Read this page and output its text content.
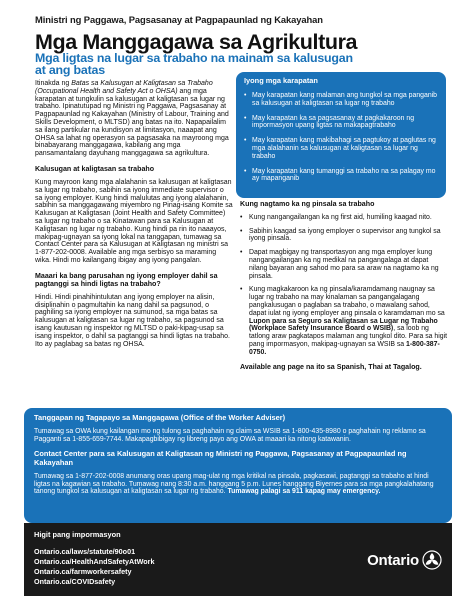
Ministri ng Paggawa, Pagsasanay at Pagpapaunlad ng Kakayahan
Mga Manggagawa sa Agrikultura
Mga ligtas na lugar sa trabaho na mainam sa kalusugan at ang batas

Itinakda ng Batas sa Kalusugan at Kaligtasan sa Trabaho (Occupational Health and Safety Act o OHSA) ang mga karapatan at tungkulin sa kalusugan at kaligtasan sa lugar ng trabaho. Ipinatutupad ng Ministri ng Paggawa, Pagsasanay at Pagpapaunlad ng Kakayahan (Ministry of Labour, Training and Skills Development, o MLTSD) ang batas na ito. Napapailalim sa ilang partikular na kundisyon at limitasyon, naaapat ang OHSA sa lahat ng operasyon sa pagsasaka na mayroong mga binabayarang manggagawa, kabilang ang mga pansamantalang dayuhang manggagawa sa agrikultura.

Kalusugan at kaligtasan sa trabaho

Kung mayroon kang mga alalahanin sa kalusugan at kaligtasan sa lugar ng trabaho, sabihin sa iyong immediate supervisor o sa iyong employer. Kung hindi malulutas ang iyong alalahanin, sabihin sa manggagawang miyembro ng Pinag-isang Komite sa Kalusugan at Kaligtasan (Joint Health and Safety Committee) sa lugar ng trabaho o sa Kinatawan para sa Kalusugan at Kaligtasan ng lugar ng trabaho. Kung hindi pa rin ito naaayos, makipag-ugnayan sa iyong lokal na tanggapan, tumawag sa Contact Center para sa Kalusugan at Kaligtasan ng ministri sa 1-877-202-0008. Available ang mga serbisyo sa maraming wika. Hindi mo kailangang ibigay ang iyong pangalan.

Maaari ka bang parusahan ng iyong employer dahil sa pagtanggi sa hindi ligtas na trabaho?

Hindi. Hindi pinahihintulutan ang iyong employer na alisin, disiplinahin o pagmultahin ka nang dahil sa pagsunod, o paghiling sa iyong employer na sumunod, sa mga batas sa kalusugan at kaligtasan sa lugar ng trabaho, sa pagsunod sa isang kautusan ng inspektor ng MLTSD o paki-kipag-usap sa isang inspektor, o dahil sa pagtanggi sa hindi ligtas na trabaho. Ito ay paglabag sa batas ng OHSA.

Iyong mga karapatan
• May karapatan kang malaman ang tungkol sa mga panganib sa kalusugan at kaligtasan sa lugar ng trabaho
• May karapatan ka sa pagsasanay at pagkakaroon ng impormasyon upang ligtas na makapagtrabaho
• May karapatan kang makibahagi sa pagtukoy at paglutas ng mga alalahanin sa kalusugan at kaligtasan sa lugar ng trabaho
• May karapatan kang tumanggi sa trabaho na sa palagay mo ay mapanganib
Kung nagtamo ka ng pinsala sa trabaho
• Kung nangangailangan ka ng first aid, humiling kaagad nito.
• Sabihin kaagad sa iyong employer o supervisor ang tungkol sa iyong pinsala.
• Dapat magbigay ng transportasyon ang mga employer kung nangangailangan ka ng medikal na pangangalaga at dapat nilang bayaran ang sahod mo para sa araw na nagtamo ka ng pinsala.
• Kung magkakaroon ka ng pinsala/karamdamang naugnay sa lugar ng trabaho na may kinalaman sa pangangalagang pangkalusugan o paglaban sa trabaho, o mawalang sahod, dapat iulat ng iyong employer ang pinsala o karamdaman mo sa Lupon para sa Seguro sa Kaligtasan sa Lugar ng Trabaho (Workplace Safety Insurance Board o WSIB), sa loob ng tatlong araw pagkatapos malaman ang tungkol dito. Para sa higit pang impormasyon, makipag-ugnayan sa WSIB sa 1-800-387-0750.
Available ang page na ito sa Spanish, Thai at Tagalog.
Tanggapan ng Tagapayo sa Manggagawa (Office of the Worker Adviser)

Tumawag sa OWA kung kailangan mo ng tulong sa paghahain ng claim sa WSIB sa 1-800-435-8980 o paghahain ng reklamo sa Pagganti sa 1-855-659-7744. Makapagbibigay ng libreng payo ang OWA at maaari ka nitong katawanin.

Contact Center para sa Kalusugan at Kaligtasan ng Ministri ng Paggawa, Pagsasanay at Pagpapaunlad ng Kakayahan

Tumawag sa 1-877-202-0008 anumang oras upang mag-ulat ng mga kritikal na pinsala, pagkasawi, pagtanggi sa trabaho at hindi ligtas na kagawian sa trabaho. Tumawag nang 8:30 a.m. hanggang 5 p.m. Lunes hanggang Biyernes para sa mga pangkalahatang tanong tungkol sa kalusugan at kaligtasan sa lugar ng trabaho. Tumawag palagi sa 911 kapag may emergency.

Higit pang impormasyon
Ontario.ca/laws/statute/90o01
Ontario.ca/HealthAndSafetyAtWork
Ontario.ca/farmworkersafety
Ontario.ca/COVIDsafety
Ontario
